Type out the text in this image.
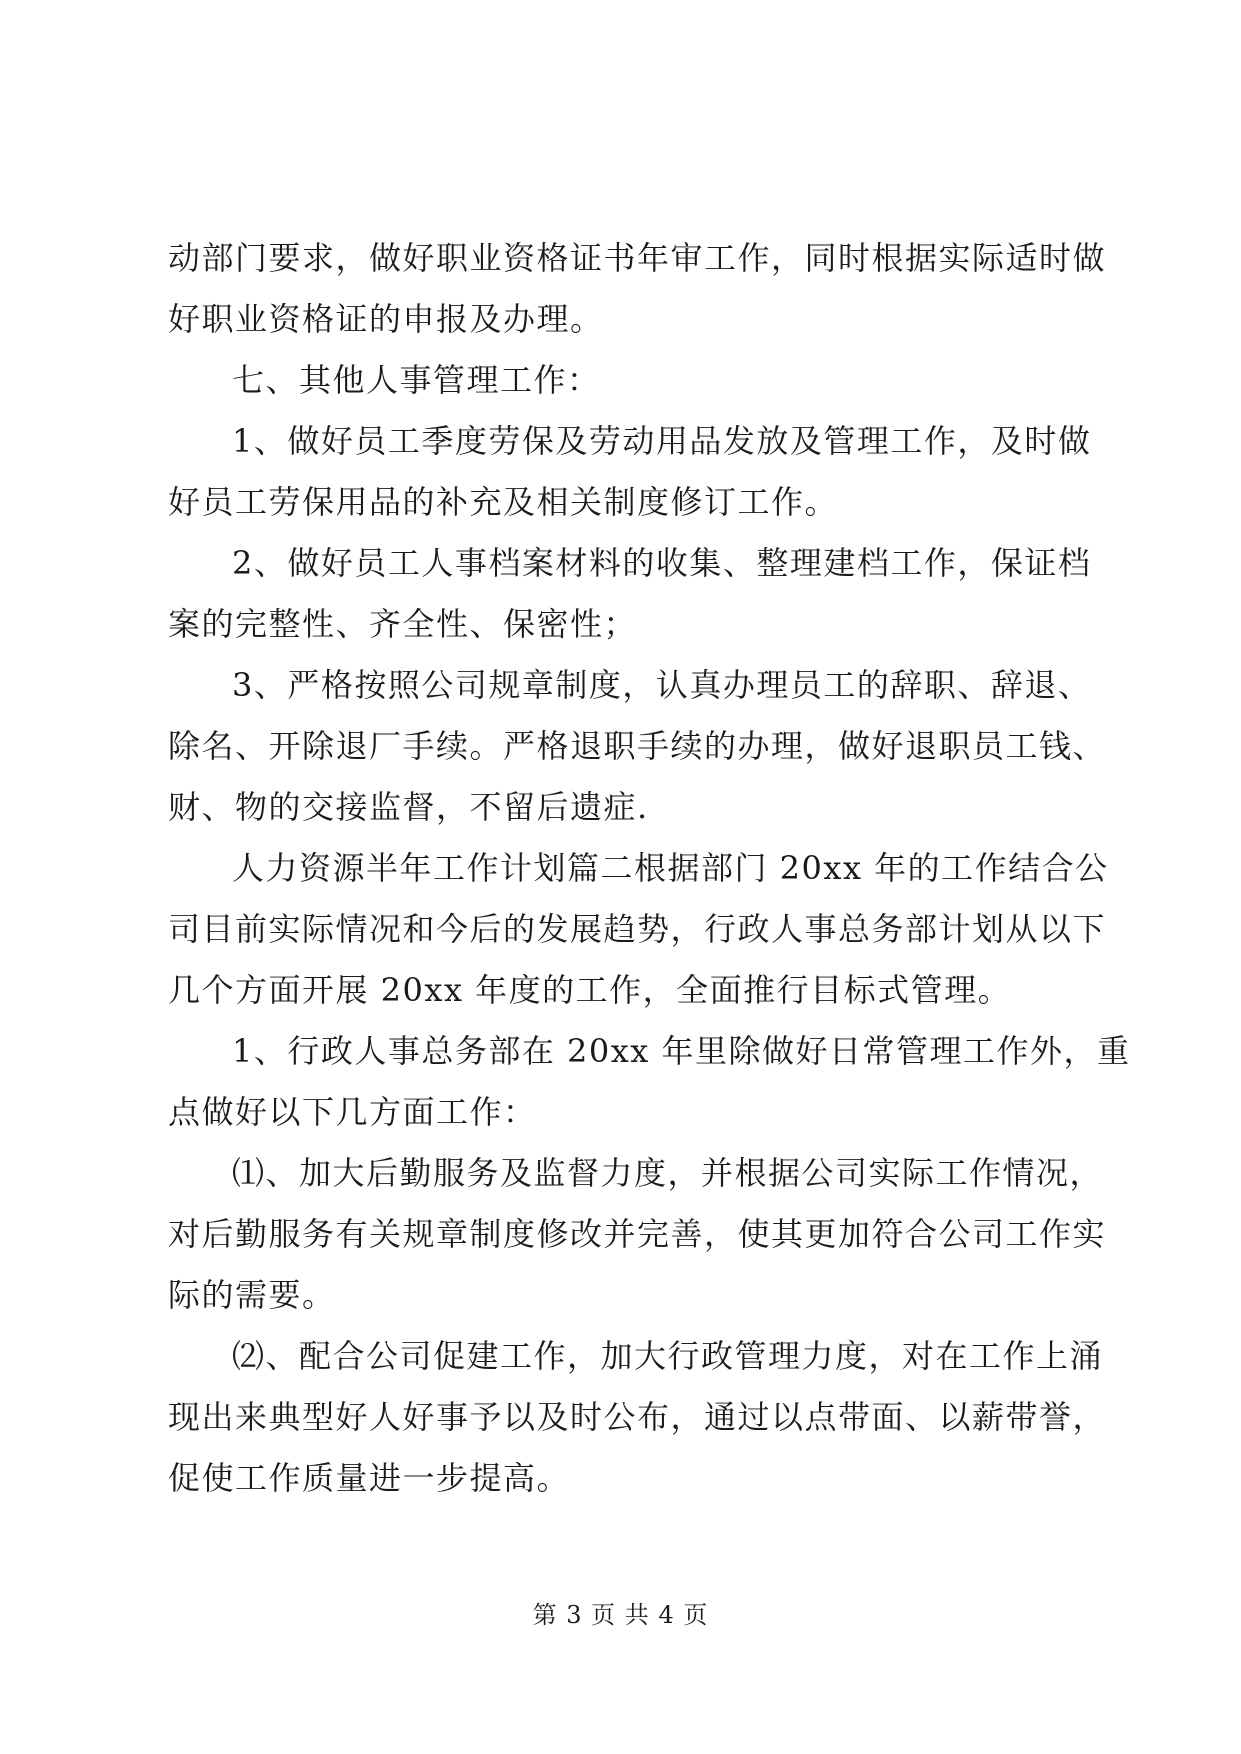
动部门要求，做好职业资格证书年审工作，同时根据实际适时做
好职业资格证的申报及办理。
七、其他人事管理工作：
1、做好员工季度劳保及劳动用品发放及管理工作，及时做
好员工劳保用品的补充及相关制度修订工作。
2、做好员工人事档案材料的收集、整理建档工作，保证档
案的完整性、齐全性、保密性；
3、严格按照公司规章制度，认真办理员工的辞职、辞退、
除名、开除退厂手续。严格退职手续的办理，做好退职员工钱、
财、物的交接监督，不留后遗症.
人力资源半年工作计划篇二根据部门 20xx 年的工作结合公
司目前实际情况和今后的发展趋势，行政人事总务部计划从以下
几个方面开展 20xx 年度的工作，全面推行目标式管理。
1、行政人事总务部在 20xx 年里除做好日常管理工作外，重
点做好以下几方面工作：
⑴、加大后勤服务及监督力度，并根据公司实际工作情况，
对后勤服务有关规章制度修改并完善，使其更加符合公司工作实
际的需要。
⑵、配合公司促建工作，加大行政管理力度，对在工作上涌
现出来典型好人好事予以及时公布，通过以点带面、以薪带誉，
促使工作质量进一步提高。
第 3 页 共 4 页
